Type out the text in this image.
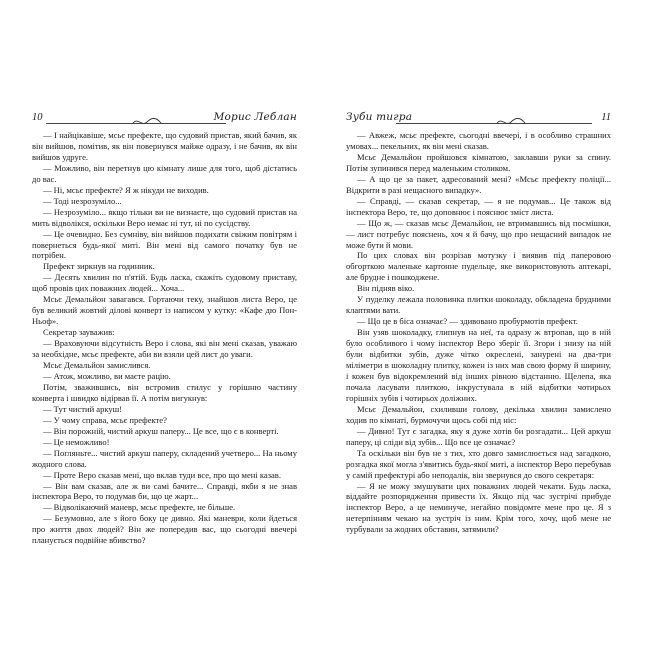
10	Морис Леблан

— І найцікавіше, мсьє префекте, що судовий пристав, який бачив, як він вийшов, помітив, як він повернувся майже одразу, і не бачив, як він вийшов удруге.

— Можливо, він перетнув цю кімнату лише для того, щоб дістатись до вас.

— Ні, мсьє префекте? Я ж нікуди не виходив.

— Тоді незрозуміло...

— Незрозуміло... якщо тільки ви не визнаєте, що судовий пристав на мить відволікся, оскільки Веро немає ні тут, ні по сусідству.

— Це очевидно. Без сумніву, він вийшов подихати свіжим повітрям і повернеться будь-якої миті. Він мені від самого початку був не потрібен.

Префект зиркнув на годинник.

— Десять хвилин по п'ятій. Будь ласка, скажіть судовому приставу, щоб провів цих поважних людей... Хоча...

Мсьє Демальйон завагався. Гортаючи теку, знайшов листа Веро, це був великий жовтий ділові конверт із написом у кутку: «Кафе дю Пон-Ньоф».

Секретар зауважив:

— Враховуючи відсутність Веро і слова, які він мені сказав, уважаю за необхідне, мсьє префекте, аби ви взяли цей лист до уваги.

Мсьє Демальйон замислився.

— Атож, можливо, ви маєте рацію.

Потім, зважившись, він встромив стилус у горішню частину конверта і швидко відірвав її. А потім вигукнув:

— Тут чистий аркуш!

— У чому справа, мсьє префекте?

— Він порожній, чистий аркуш паперу... Це все, що є в конверті.

— Це неможливо!

— Погляньте... чистий аркуш паперу, складений учетверо... На ньому жодного слова.

— Проте Веро сказав мені, що вклав туди все, про що мені казав.

— Він вам сказав, але ж ви самі бачите... Справді, якби я не знав інспектора Веро, то подумав би, що це жарт...

— Відволікаючий маневр, мсьє префекте, не більше.

— Безумовно, але з його боку це дивно. Які маневри, коли йдеться про життя двох людей? Він же попередив вас, що сьогодні ввечері планується подвійне вбивство?

Зуби тигра	11

— Авжеж, мсьє префекте, сьогодні ввечері, і в особливо страшних умовах... пекельних, як він мені сказав.

Мсьє Демальйон пройшовся кімнатою, заклавши руки за спину. Потім зупинився перед маленьким столиком.

— А що це за пакет, адресований мені? «Мсьє префекту поліції... Відкрити в разі нещасного випадку».

— Справді, — сказав секретар, — я не подумав... Це також від інспектора Веро, те, що доповнює і пояснює зміст листа.

— Що ж, — сказав мсьє Демальйон, не втримавшись від посмішки, — лист потребує пояснень, хоч я й бачу, що про нещасний випадок не може бути й мови.

По цих словах він розрізав мотузку і виявив під паперовою обгорткою маленьке картонне пудельце, яке використовують аптекарі, але брудне і пошкоджене.

Він підняв віко.

У пуделку лежала половинка плитки шоколаду, обкладена брудними клаптями вати.

— Що це в біса означає? — здивовано пробурмотів префект.

Він узяв шоколадку, глипнув на неї, та одразу ж втропав, що в ній було особливого і чому інспектор Веро зберіг її. Згори і знизу на ній були відбитки зубів, дуже чітко окреслені, занурені на два-три міліметри в шоколадну плитку, кожен із них мав свою форму й ширину, і кожен був відокремлений від інших рівною відстанню. Щелепа, яка почала ласувати плиткою, інкрустувала в ній відбитки чотирьох горішніх зубів і чотирьох доліжних.

Мсьє Демальйон, схиливши голову, декілька хвилин замислено ходив по кімнаті, бурмочучи щось собі під ніс:

— Дивно! Тут є загадка, яку я дуже хотів би розгадати... Цей аркуш паперу, ці сліди від зубів... Що все це означає?

Та оскільки він був не з тих, хто довго замислюється над загадкою, розгадка якої могла з'явитись будь-якої миті, а інспектор Веро перебував у самій префектурі або неподалік, він звернувся до свого секретаря:

— Я не можу змушувати цих поважних людей чекати. Будь ласка, віддайте розпорядження привести їх. Якщо під час зустрічі прибуде інспектор Веро, а це неминуче, негайно повідомте мене про це. Я з нетерпінням чекаю на зустріч із ним. Крім того, хочу, щоб мене не турбували за жодних обставин, затямили?
